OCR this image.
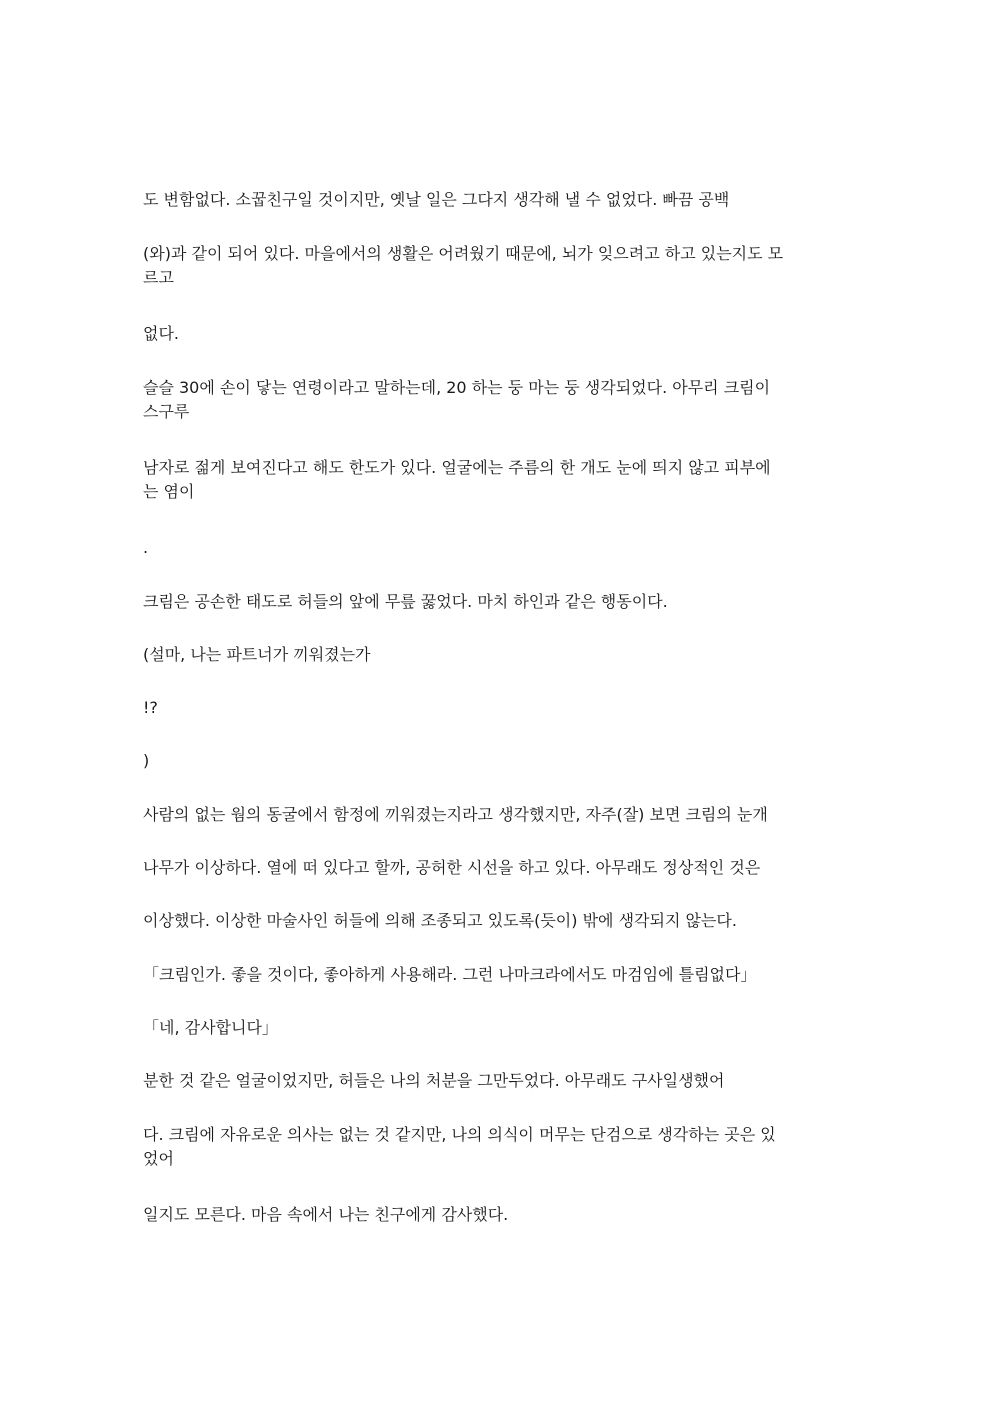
도 변함없다. 소꿉친구일 것이지만, 옛날 일은 그다지 생각해 낼 수 없었다. 빠끔 공백
(와)과 같이 되어 있다. 마을에서의 생활은 어려웠기 때문에, 뇌가 잊으려고 하고 있는지도 모
르고
없다.
슬슬 30에 손이 닿는 연령이라고 말하는데, 20 하는 둥 마는 둥 생각되었다. 아무리 크림이
스구루
남자로 젊게 보여진다고 해도 한도가 있다. 얼굴에는 주름의 한 개도 눈에 띄지 않고 피부에
는 염이
.
크림은 공손한 태도로 허들의 앞에 무릎 꿇었다. 마치 하인과 같은 행동이다.
(설마, 나는 파트너가 끼워졌는가
!?
)
사람의 없는 웜의 동굴에서 함정에 끼워졌는지라고 생각했지만, 자주(잘) 보면 크림의 눈개
나무가 이상하다. 열에 떠 있다고 할까, 공허한 시선을 하고 있다. 아무래도 정상적인 것은
이상했다. 이상한 마술사인 허들에 의해 조종되고 있도록(듯이) 밖에 생각되지 않는다.
「크림인가. 좋을 것이다, 좋아하게 사용해라. 그런 나마크라에서도 마검임에 틀림없다」
「네, 감사합니다」
분한 것 같은 얼굴이었지만, 허들은 나의 처분을 그만두었다. 아무래도 구사일생했어
다. 크림에 자유로운 의사는 없는 것 같지만, 나의 의식이 머무는 단검으로 생각하는 곳은 있
었어
일지도 모른다. 마음 속에서 나는 친구에게 감사했다.
